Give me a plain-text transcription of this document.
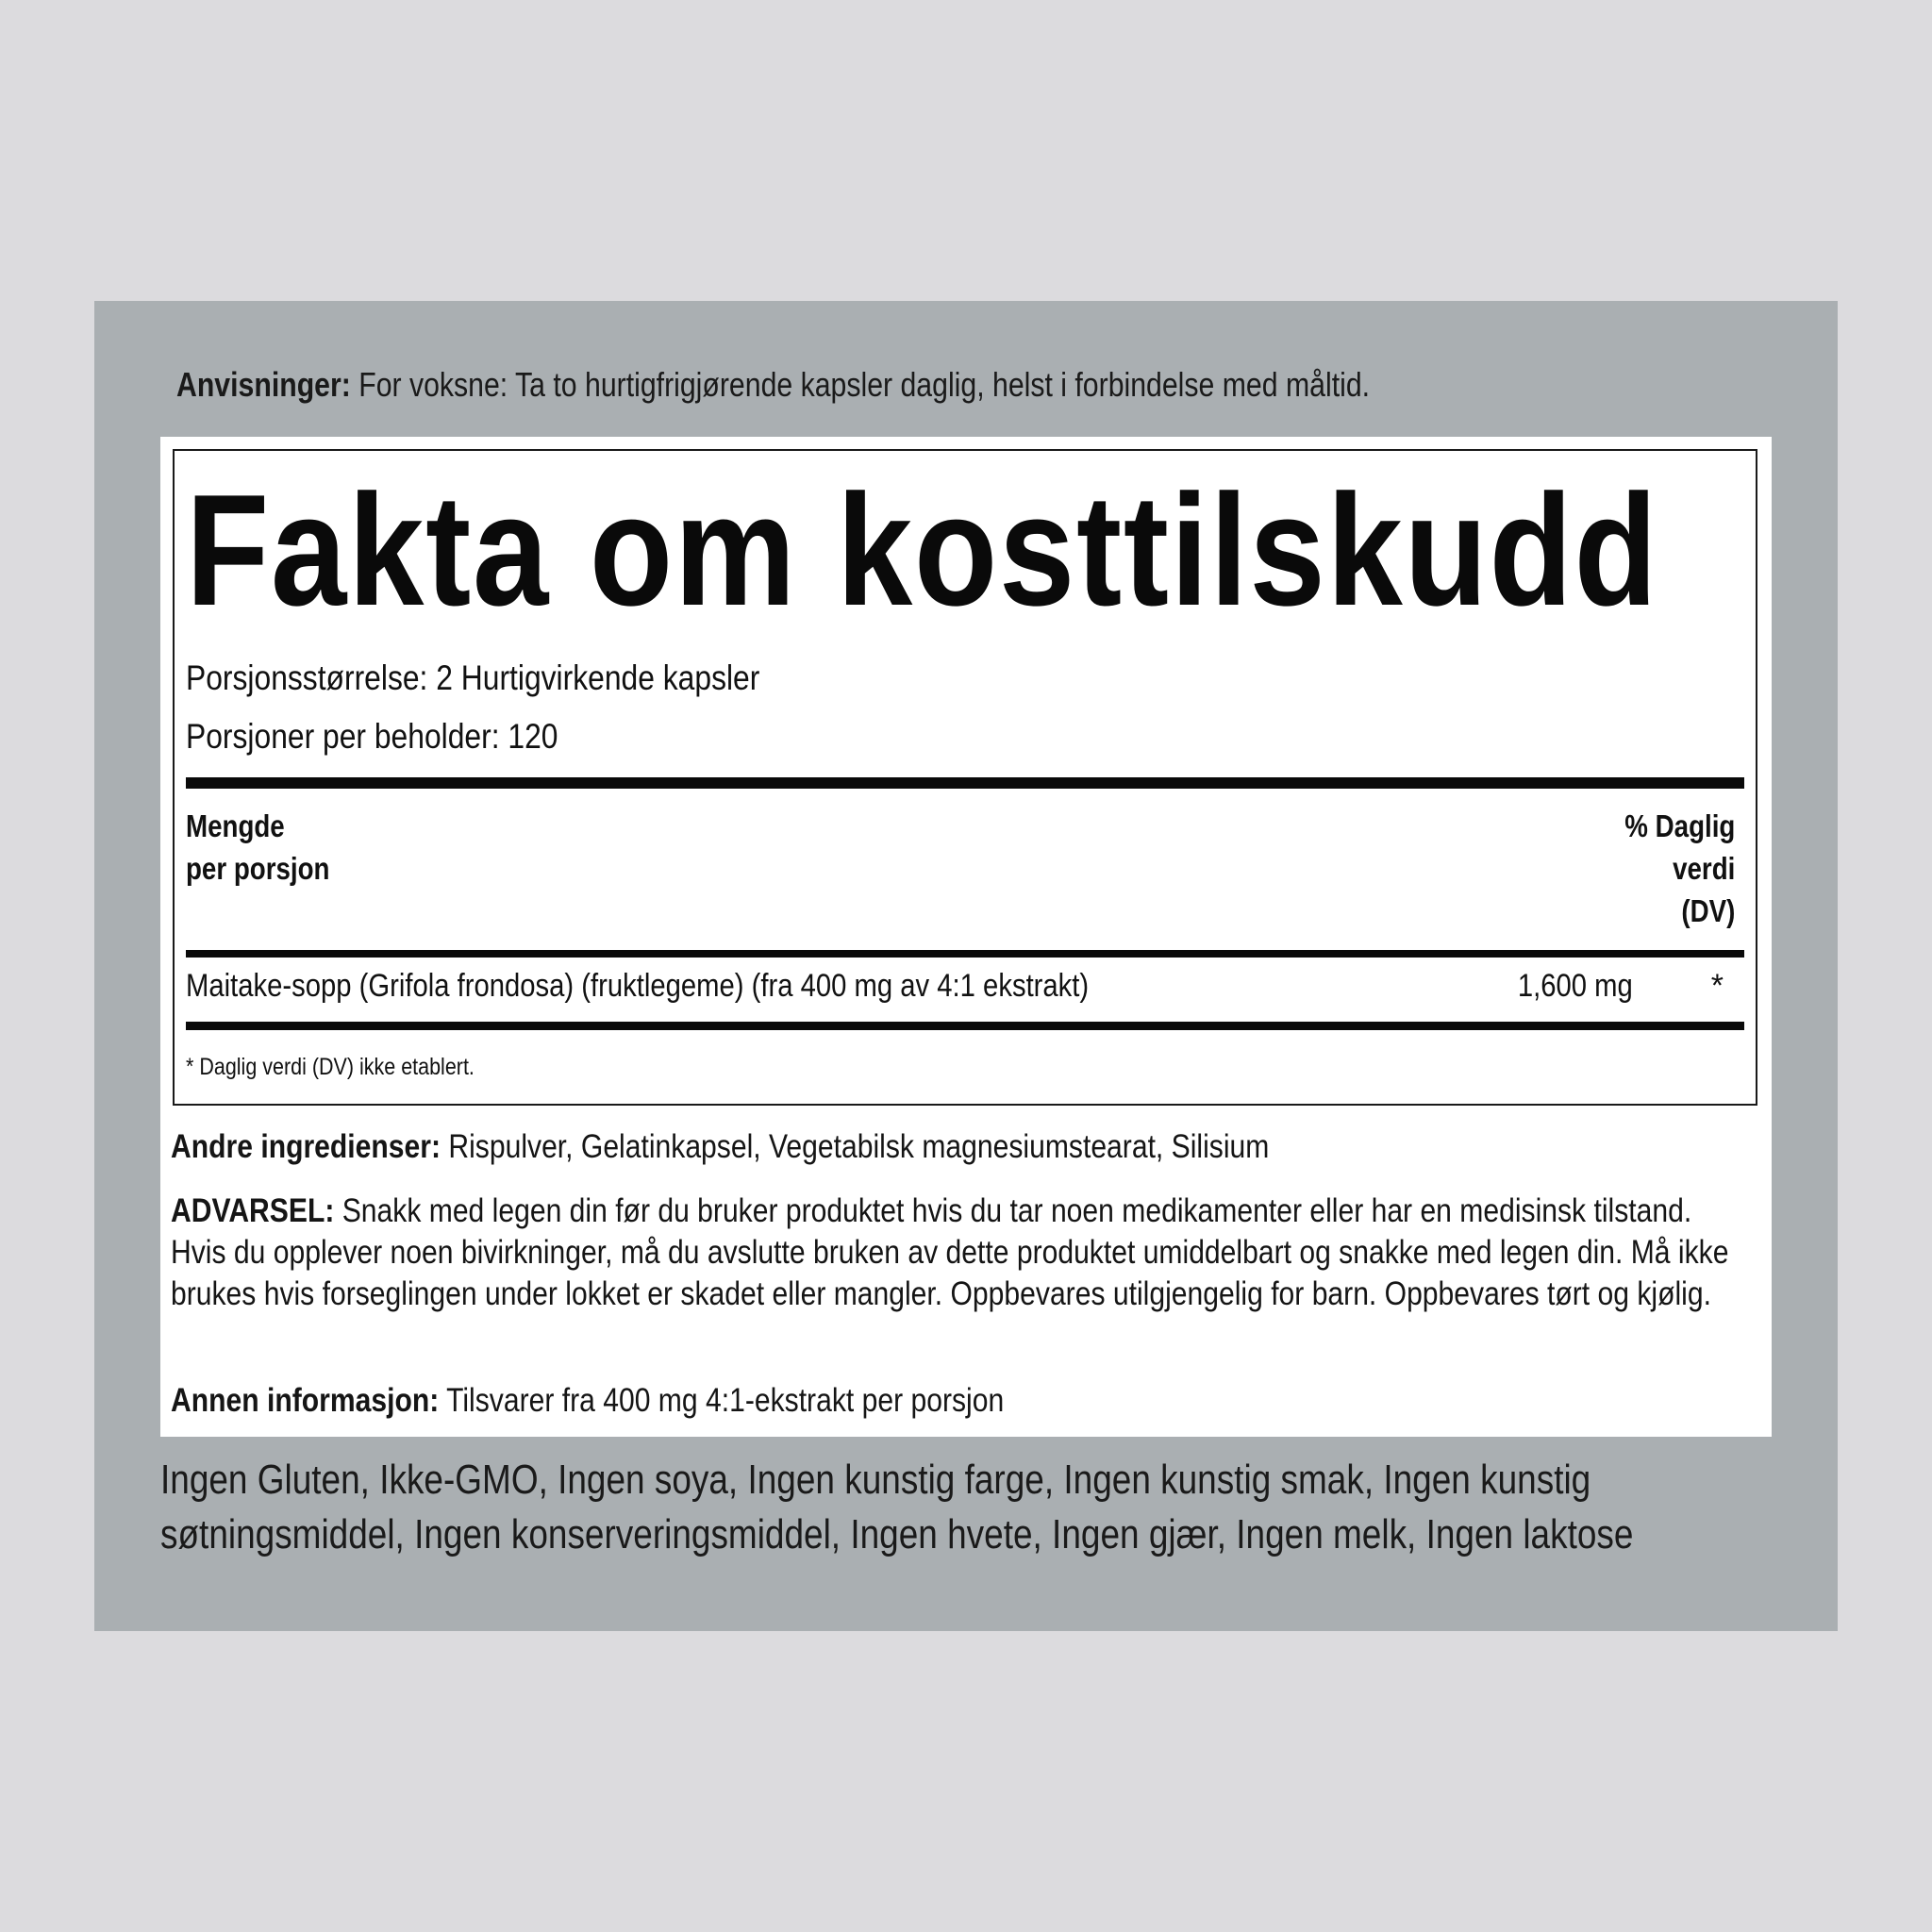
Anvisninger: For voksne: Ta to hurtigfrigjørende kapsler daglig, helst i forbindelse med måltid.
Fakta om kosttilskudd
Porsjonsstørrelse: 2 Hurtigvirkende kapsler
Porsjoner per beholder: 120
Mengde
per porsjon
% Daglig
verdi
(DV)
Maitake-sopp (Grifola frondosa) (fruktlegeme) (fra 400 mg av 4:1 ekstrakt)	1,600 mg *
* Daglig verdi (DV) ikke etablert.
Andre ingredienser: Rispulver, Gelatinkapsel, Vegetabilsk magnesiumstearat, Silisium
ADVARSEL: Snakk med legen din før du bruker produktet hvis du tar noen medikamenter eller har en medisinsk tilstand. Hvis du opplever noen bivirkninger, må du avslutte bruken av dette produktet umiddelbart og snakke med legen din. Må ikke brukes hvis forseglingen under lokket er skadet eller mangler. Oppbevares utilgjengelig for barn. Oppbevares tørt og kjølig.
Annen informasjon: Tilsvarer fra 400 mg 4:1-ekstrakt per porsjon
Ingen Gluten, Ikke-GMO, Ingen soya, Ingen kunstig farge, Ingen kunstig smak, Ingen kunstig søtningsmiddel, Ingen konserveringsmiddel, Ingen hvete, Ingen gjær, Ingen melk, Ingen laktose
